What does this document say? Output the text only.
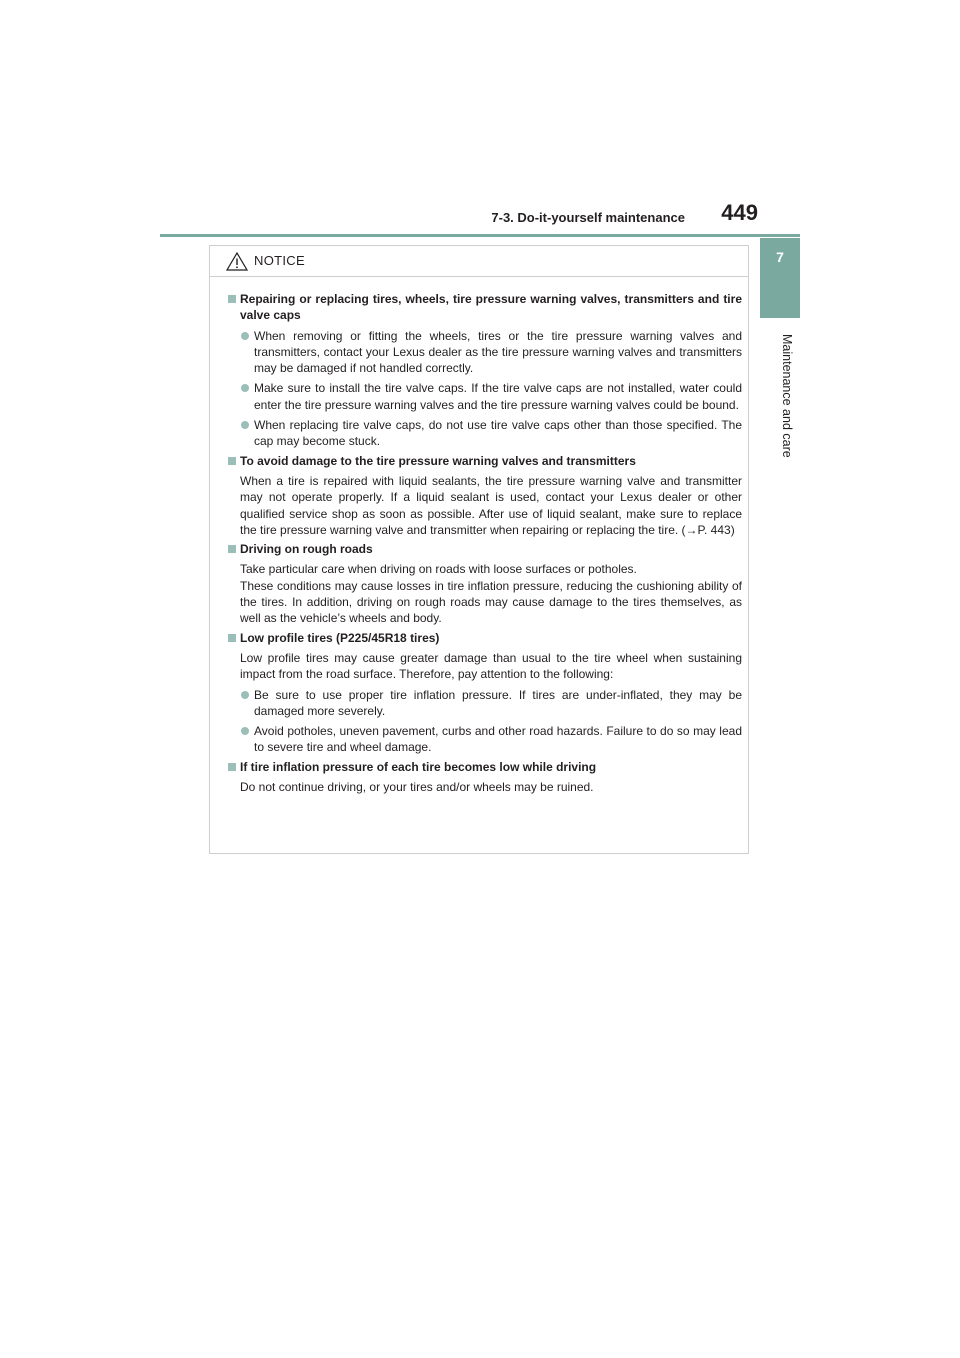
7-3. Do-it-yourself maintenance 449
7
Maintenance and care
NOTICE
Repairing or replacing tires, wheels, tire pressure warning valves, transmitters and tire valve caps
When removing or fitting the wheels, tires or the tire pressure warning valves and transmitters, contact your Lexus dealer as the tire pressure warning valves and transmitters may be damaged if not handled correctly.
Make sure to install the tire valve caps. If the tire valve caps are not installed, water could enter the tire pressure warning valves and the tire pressure warning valves could be bound.
When replacing tire valve caps, do not use tire valve caps other than those specified. The cap may become stuck.
To avoid damage to the tire pressure warning valves and transmitters
When a tire is repaired with liquid sealants, the tire pressure warning valve and transmitter may not operate properly. If a liquid sealant is used, contact your Lexus dealer or other qualified service shop as soon as possible. After use of liquid sealant, make sure to replace the tire pressure warning valve and transmitter when repairing or replacing the tire. (→P. 443)
Driving on rough roads
Take particular care when driving on roads with loose surfaces or potholes.
These conditions may cause losses in tire inflation pressure, reducing the cushioning ability of the tires. In addition, driving on rough roads may cause damage to the tires themselves, as well as the vehicle’s wheels and body.
Low profile tires (P225/45R18 tires)
Low profile tires may cause greater damage than usual to the tire wheel when sustaining impact from the road surface. Therefore, pay attention to the following:
Be sure to use proper tire inflation pressure. If tires are under-inflated, they may be damaged more severely.
Avoid potholes, uneven pavement, curbs and other road hazards. Failure to do so may lead to severe tire and wheel damage.
If tire inflation pressure of each tire becomes low while driving
Do not continue driving, or your tires and/or wheels may be ruined.
